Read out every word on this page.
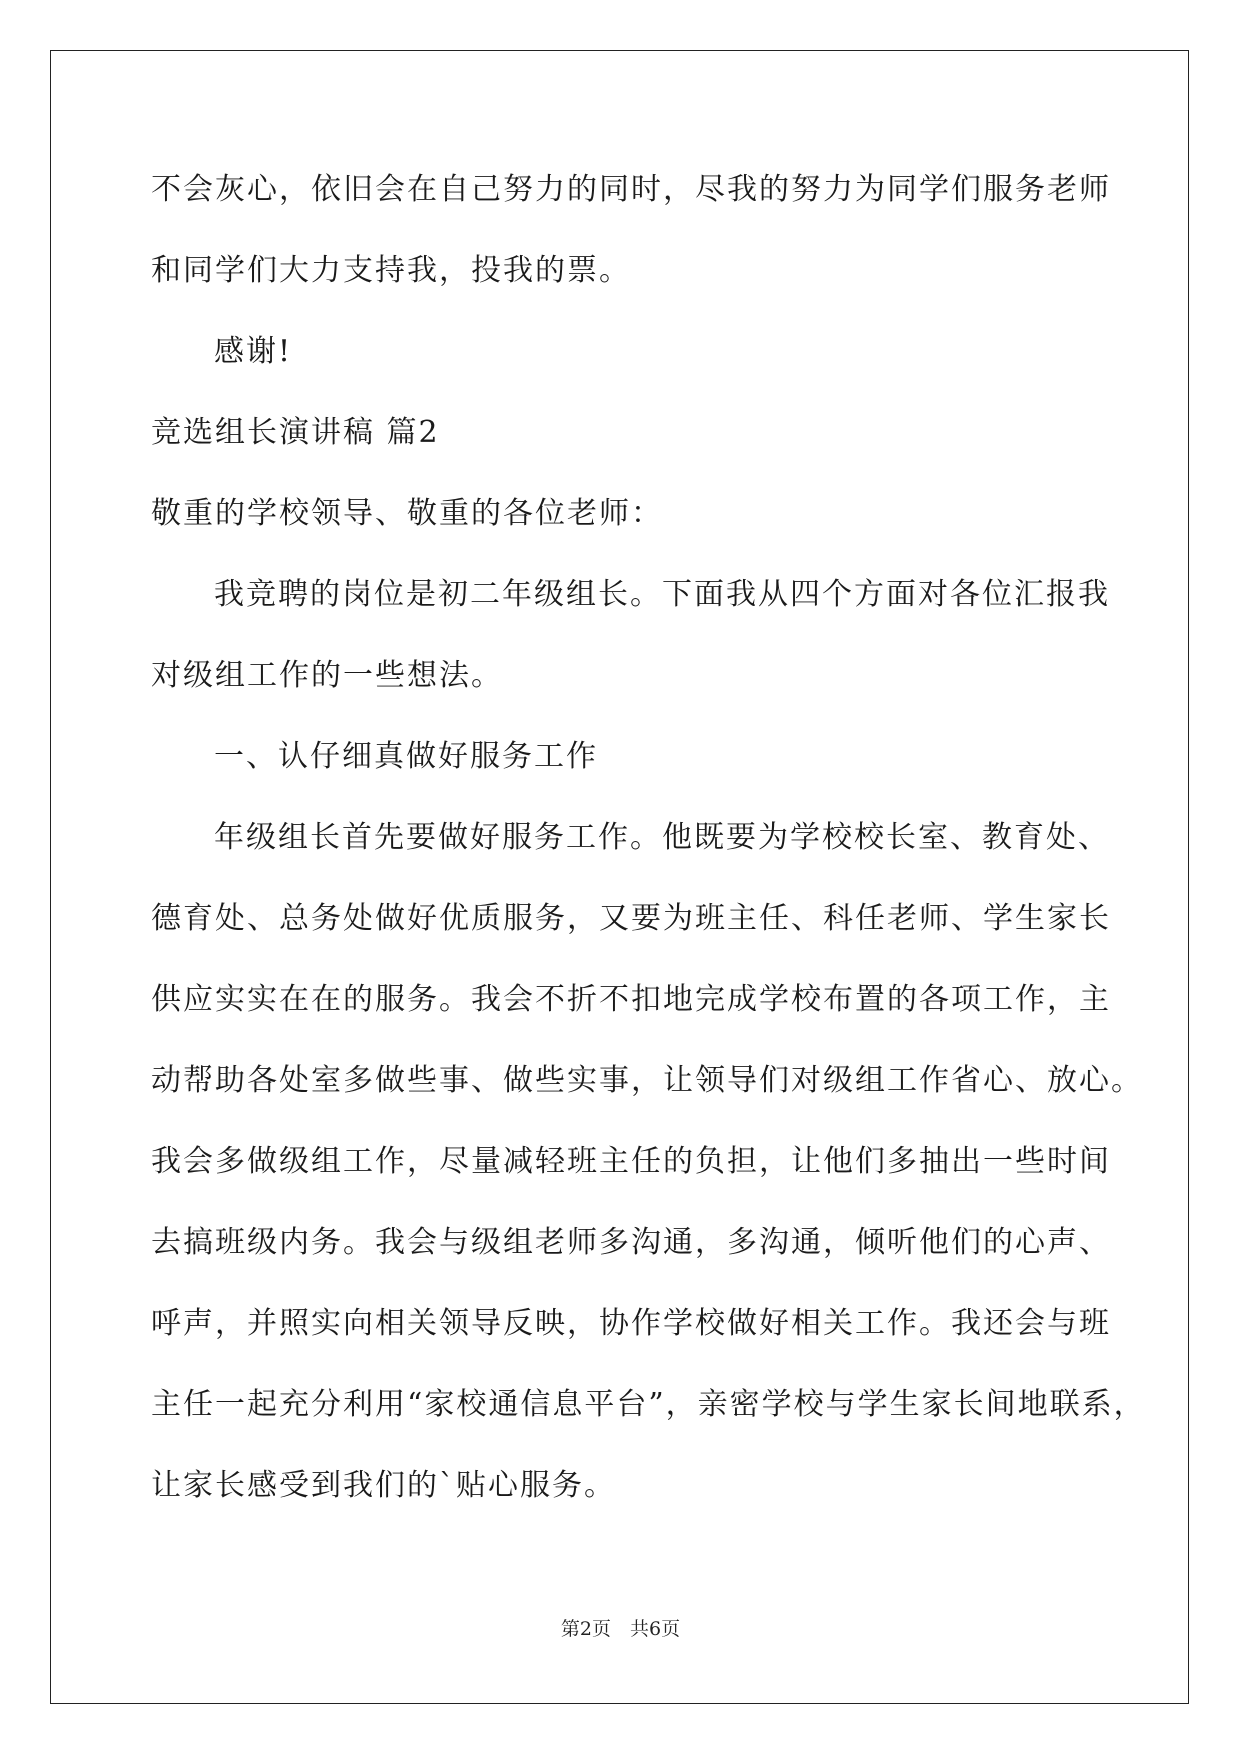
不会灰心，依旧会在自己努力的同时，尽我的努力为同学们服务老师
和同学们大力支持我，投我的票。
感谢!
竞选组长演讲稿 篇2
敬重的学校领导、敬重的各位老师：
我竞聘的岗位是初二年级组长。下面我从四个方面对各位汇报我
对级组工作的一些想法。
一、认仔细真做好服务工作
年级组长首先要做好服务工作。他既要为学校校长室、教育处、
德育处、总务处做好优质服务，又要为班主任、科任老师、学生家长
供应实实在在的服务。我会不折不扣地完成学校布置的各项工作，主
动帮助各处室多做些事、做些实事，让领导们对级组工作省心、放心。
我会多做级组工作，尽量减轻班主任的负担，让他们多抽出一些时间
去搞班级内务。我会与级组老师多沟通，多沟通，倾听他们的心声、
呼声，并照实向相关领导反映，协作学校做好相关工作。我还会与班
主任一起充分利用“家校通信息平台”，亲密学校与学生家长间地联系，
让家长感受到我们的`贴心服务。
第2页　共6页
